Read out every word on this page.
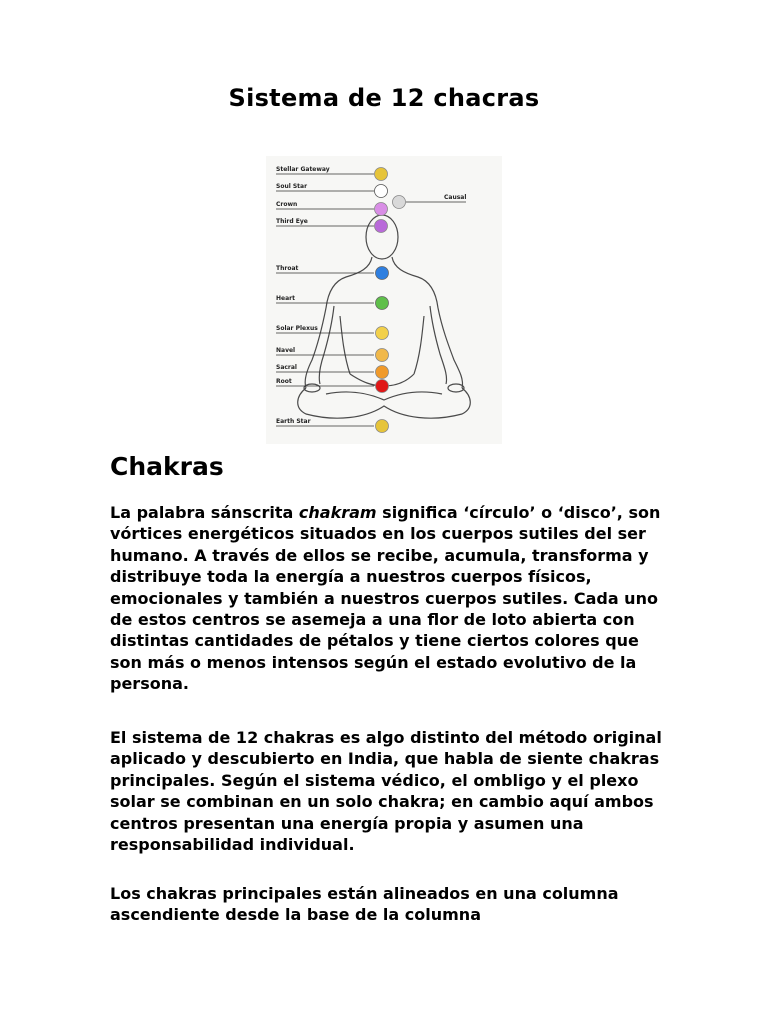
Sistema de 12 chacras
Stellar Gateway
Soul Star
Crown
Causal
Third Eye
Throat
Heart
Solar Plexus
Navel
Sacral
Root
Earth Star
Chakras

La palabra sánscrita chakram significa ‘círculo’ o ‘disco’, son vórtices energéticos situados en los cuerpos sutiles del ser humano. A través de ellos se recibe, acumula, transforma y distribuye toda la energía a nuestros cuerpos físicos, emocionales y también a nuestros cuerpos sutiles. Cada uno de estos centros se asemeja a una flor de loto abierta con distintas cantidades de pétalos y tiene ciertos colores que son más o menos intensos según el estado evolutivo de la persona.

El sistema de 12 chakras es algo distinto del método original aplicado y descubierto en India, que habla de siente chakras principales. Según el sistema védico, el ombligo y el plexo solar se combinan en un solo chakra; en cambio aquí ambos centros presentan una energía propia y asumen una responsabilidad individual.

Los chakras principales están alineados en una columna ascendiente desde la base de la columna
